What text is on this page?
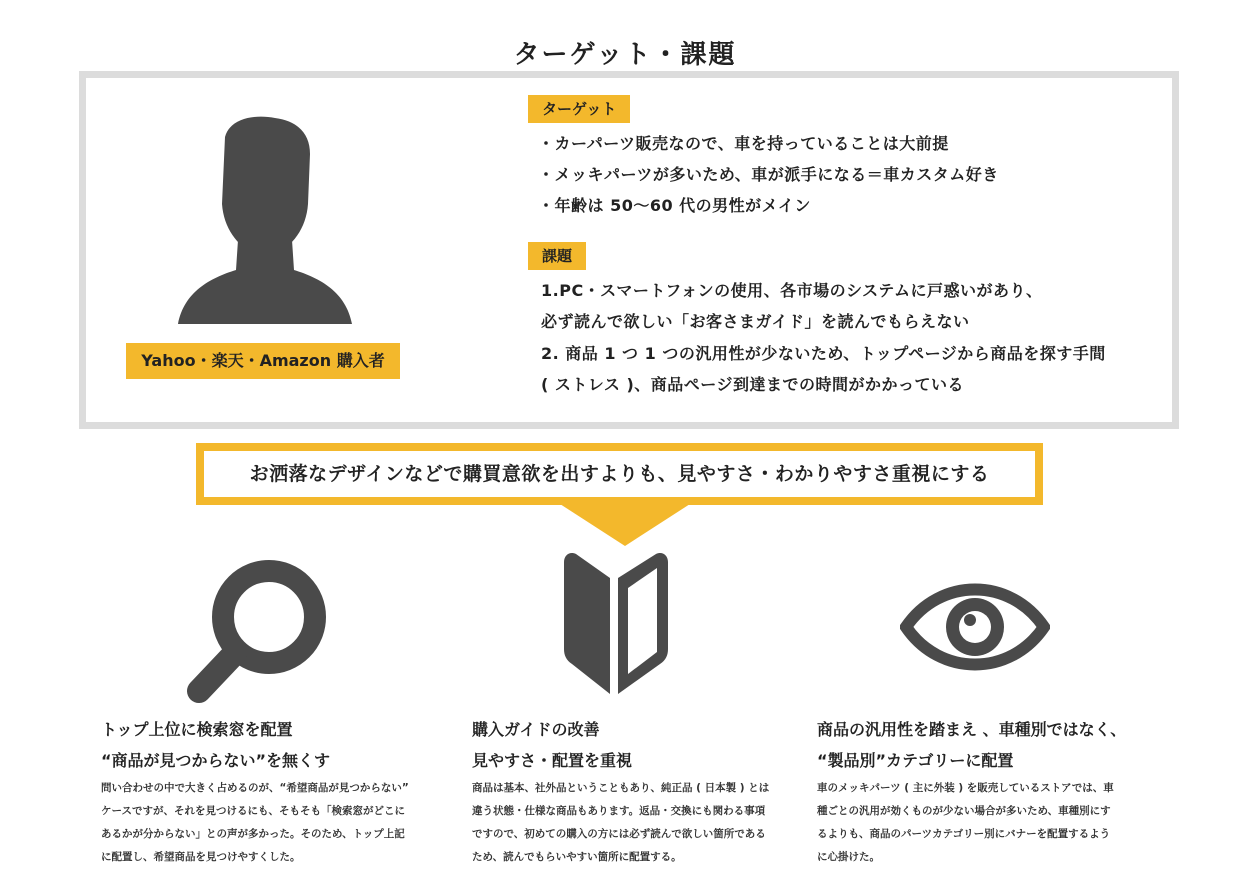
ターゲット・課題
Yahoo・楽天・Amazon 購入者
ターゲット
・カーパーツ販売なので、車を持っていることは大前提
・メッキパーツが多いため、車が派手になる＝車カスタム好き
・年齢は 50〜60 代の男性がメイン
課題
1.PC・スマートフォンの使用、各市場のシステムに戸惑いがあり、
必ず読んで欲しい「お客さまガイド」を読んでもらえない
2. 商品 1 つ 1 つの汎用性が少ないため、トップページから商品を探す手間
( ストレス )、商品ページ到達までの時間がかかっている
お洒落なデザインなどで購買意欲を出すよりも、見やすさ・わかりやすさ重視にする
トップ上位に検索窓を配置
“商品が見つからない”を無くす
問い合わせの中で大きく占めるのが、“希望商品が見つからない”
ケースですが、それを見つけるにも、そもそも「検索窓がどこに
あるかが分からない」との声が多かった。そのため、トップ上記
に配置し、希望商品を見つけやすくした。
購入ガイドの改善
見やすさ・配置を重視
商品は基本、社外品ということもあり、純正品 ( 日本製 ) とは
違う状態・仕様な商品もあります。返品・交換にも関わる事項
ですので、初めての購入の方には必ず読んで欲しい箇所である
ため、読んでもらいやすい箇所に配置する。
商品の汎用性を踏まえ 、車種別ではなく、
“製品別”カテゴリーに配置
車のメッキパーツ ( 主に外装 ) を販売しているストアでは、車
種ごとの汎用が効くものが少ない場合が多いため、車種別にす
るよりも、商品のパーツカテゴリー別にバナーを配置するよう
に心掛けた。
